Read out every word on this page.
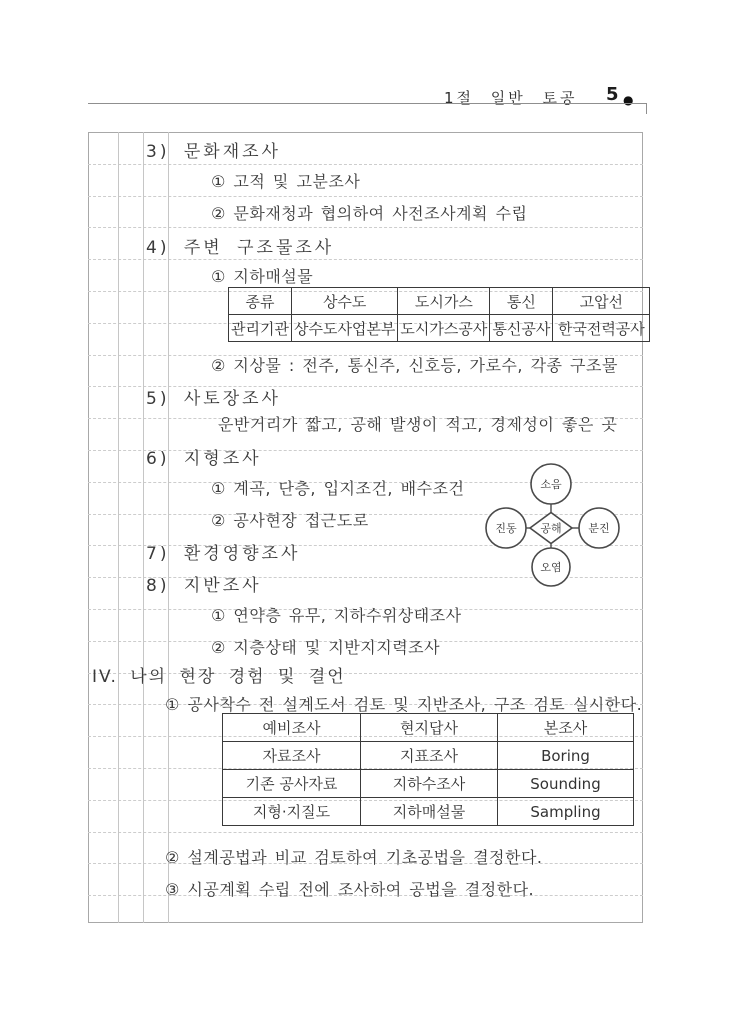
1절 일반 토공 5 ●
3) 문화재조사
① 고적 및 고분조사
② 문화재청과 협의하여 사전조사계획 수립
4) 주변 구조물조사
① 지하매설물
② 지상물 : 전주, 통신주, 신호등, 가로수, 각종 구조물
5) 사토장조사
운반거리가 짧고, 공해 발생이 적고, 경제성이 좋은 곳
6) 지형조사
① 계곡, 단층, 입지조건, 배수조건
② 공사현장 접근도로
7) 환경영향조사
8) 지반조사
① 연약층 유무, 지하수위상태조사
② 지층상태 및 지반지지력조사
IV. 나의 현장 경험 및 결언
① 공사착수 전 설계도서 검토 및 지반조사, 구조 검토 실시한다.
② 설계공법과 비교 검토하여 기초공법을 결정한다.
③ 시공계획 수립 전에 조사하여 공법을 결정한다.
종류	상수도	도시가스	통신	고압선
관리기관	상수도사업본부	도시가스공사	통신공사	한국전력공사
예비조사	현지답사	본조사
자료조사	지표조사	Boring
기존 공사자료	지하수조사	Sounding
지형·지질도	지하매설물	Sampling
소음
진동	분진
오염
공해
